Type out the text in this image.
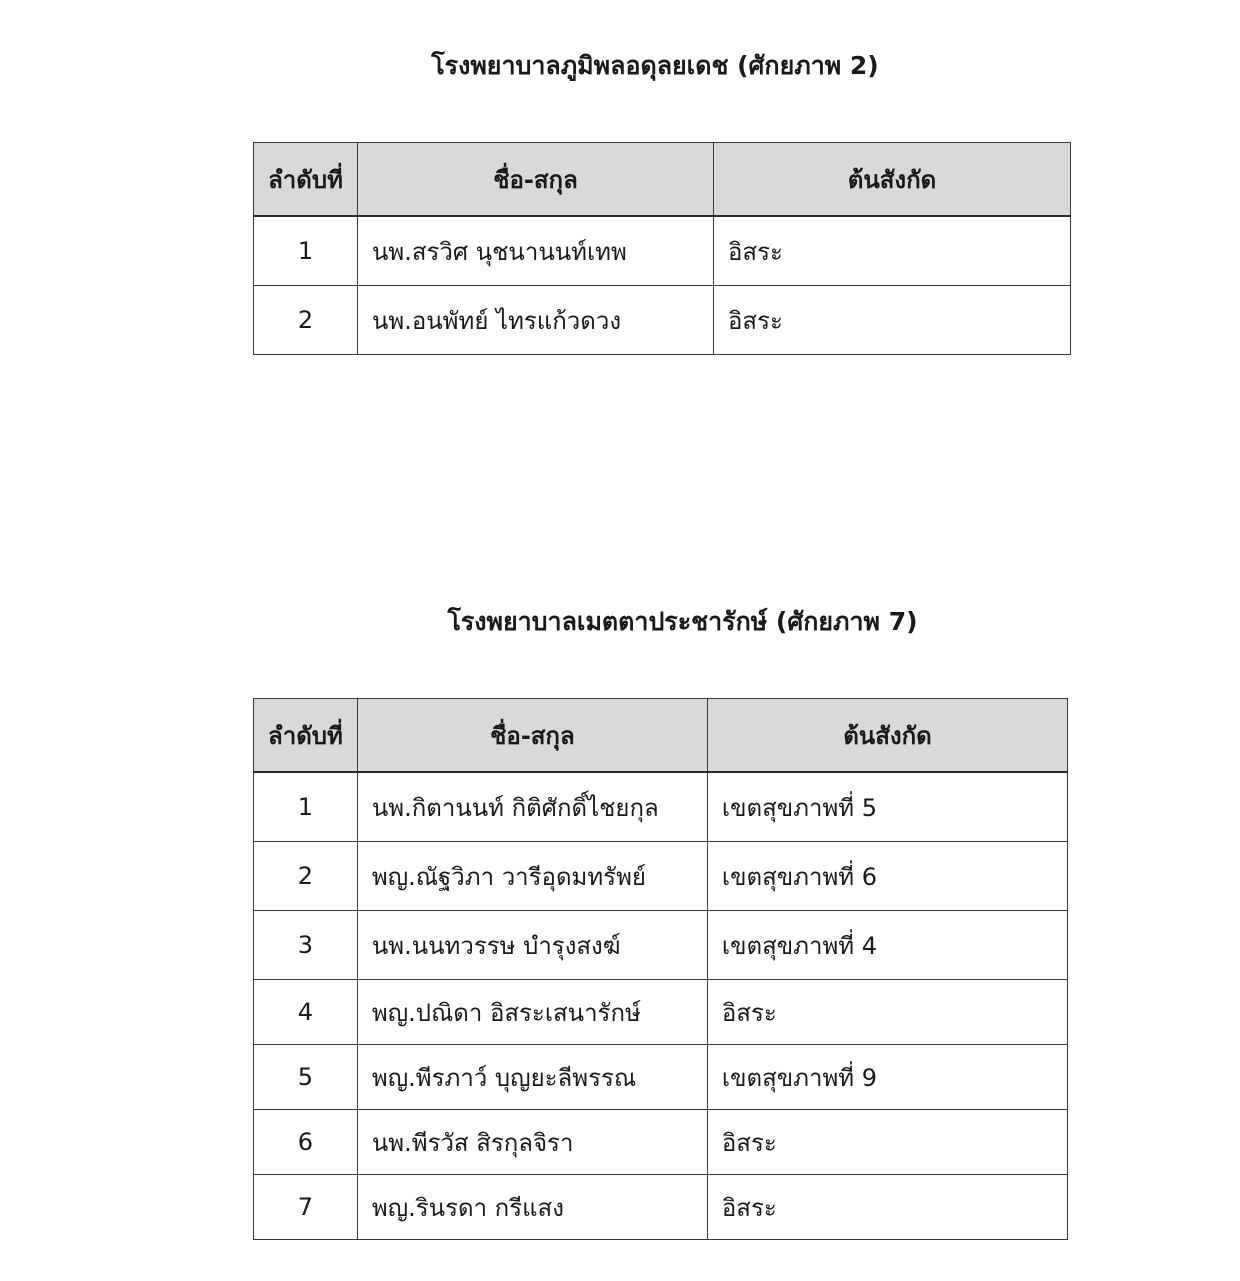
โรงพยาบาลภูมิพลอดุลยเดช (ศักยภาพ 2)
ลำดับที่	ชื่อ-สกุล	ต้นสังกัด
1	นพ.สรวิศ นุชนานนท์เทพ	อิสระ
2	นพ.อนพัทย์ ไทรแก้วดวง	อิสระ
โรงพยาบาลเมตตาประชารักษ์ (ศักยภาพ 7)
ลำดับที่	ชื่อ-สกุล	ต้นสังกัด
1	นพ.กิตานนท์ กิติศักดิ์ไชยกุล	เขตสุขภาพที่ 5
2	พญ.ณัฐวิภา วารีอุดมทรัพย์	เขตสุขภาพที่ 6
3	นพ.นนทวรรษ บำรุงสงฆ์	เขตสุขภาพที่ 4
4	พญ.ปณิดา อิสระเสนารักษ์	อิสระ
5	พญ.พีรภาว์ บุญยะลีพรรณ	เขตสุขภาพที่ 9
6	นพ.พีรวัส สิรกุลจิรา	อิสระ
7	พญ.รินรดา กรีแสง	อิสระ
